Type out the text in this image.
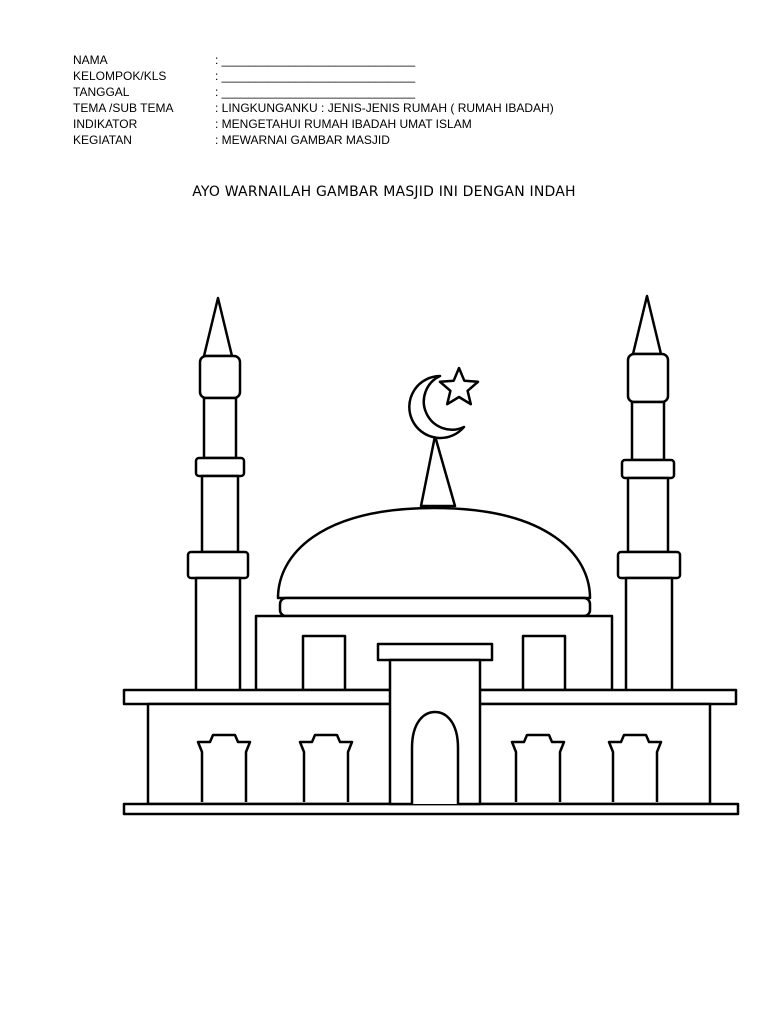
NAMA	: _____________________________
KELOMPOK/KLS	: _____________________________
TANGGAL	: _____________________________
TEMA /SUB TEMA	: LINGKUNGANKU : JENIS-JENIS RUMAH ( RUMAH IBADAH)
INDIKATOR	: MENGETAHUI RUMAH IBADAH UMAT ISLAM
KEGIATAN	: MEWARNAI GAMBAR MASJID
AYO WARNAILAH GAMBAR MASJID INI DENGAN INDAH
